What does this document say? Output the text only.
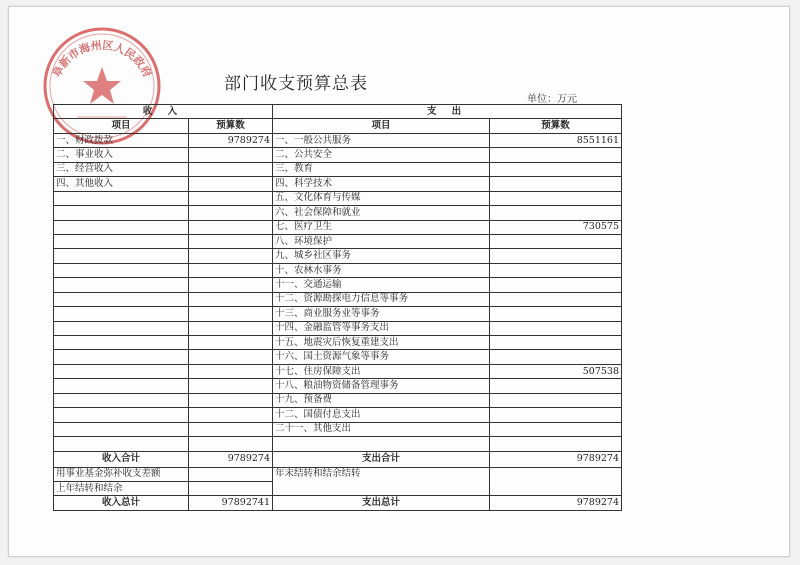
阜新市海州区人民政府
部门收支预算总表
单位：万元
收 入		支 出	
项目	预算数	项目	预算数
一、财政拨款	9789274	一、一般公共服务	8551161
二、事业收入		二、公共安全	
三、经营收入		三、教育	
四、其他收入		四、科学技术	
		五、文化体育与传媒	
		六、社会保障和就业	
		七、医疗卫生	730575
		八、环境保护	
		九、城乡社区事务	
		十、农林水事务	
		十一、交通运输	
		十二、资源勘探电力信息等事务	
		十三、商业服务业等事务	
		十四、金融监管等事务支出	
		十五、地震灾后恢复重建支出	
		十六、国土资源气象等事务	
		十七、住房保障支出	507538
		十八、粮油物资储备管理事务	
		十九、预备费	
		十二、国债付息支出	
		二十一、其他支出	

收入合计	9789274	支出合计	9789274
用事业基金弥补收支差额		年末结转和结余结转	
上年结转和结余			
收入总计	97892741	支出总计	9789274
